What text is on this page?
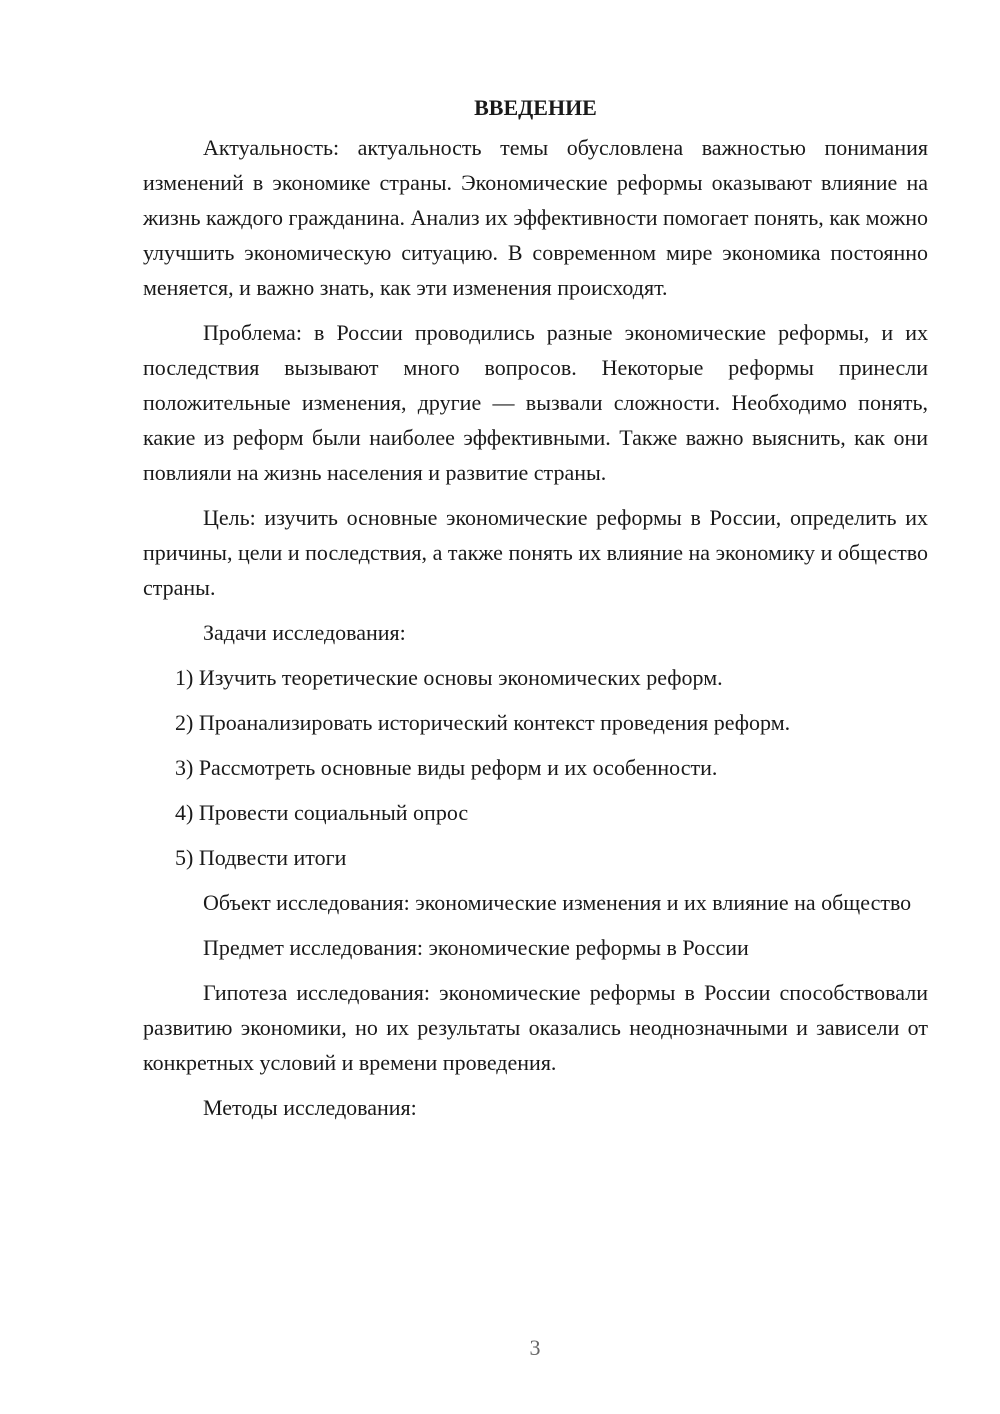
ВВЕДЕНИЕ

Актуальность: актуальность темы обусловлена важностью понимания изменений в экономике страны. Экономические реформы оказывают влияние на жизнь каждого гражданина. Анализ их эффективности помогает понять, как можно улучшить экономическую ситуацию. В современном мире экономика постоянно меняется, и важно знать, как эти изменения происходят.

Проблема: в России проводились разные экономические реформы, и их последствия вызывают много вопросов. Некоторые реформы принесли положительные изменения, другие — вызвали сложности. Необходимо понять, какие из реформ были наиболее эффективными. Также важно выяснить, как они повлияли на жизнь населения и развитие страны.

Цель: изучить основные экономические реформы в России, определить их причины, цели и последствия, а также понять их влияние на экономику и общество страны.

Задачи исследования:

1) Изучить теоретические основы экономических реформ.

2) Проанализировать исторический контекст проведения реформ.

3) Рассмотреть основные виды реформ и их особенности.

4) Провести социальный опрос

5) Подвести итоги

Объект исследования: экономические изменения и их влияние на общество

Предмет исследования: экономические реформы в России

Гипотеза исследования: экономические реформы в России способствовали развитию экономики, но их результаты оказались неоднозначными и зависели от конкретных условий и времени проведения.

Методы исследования:

3
